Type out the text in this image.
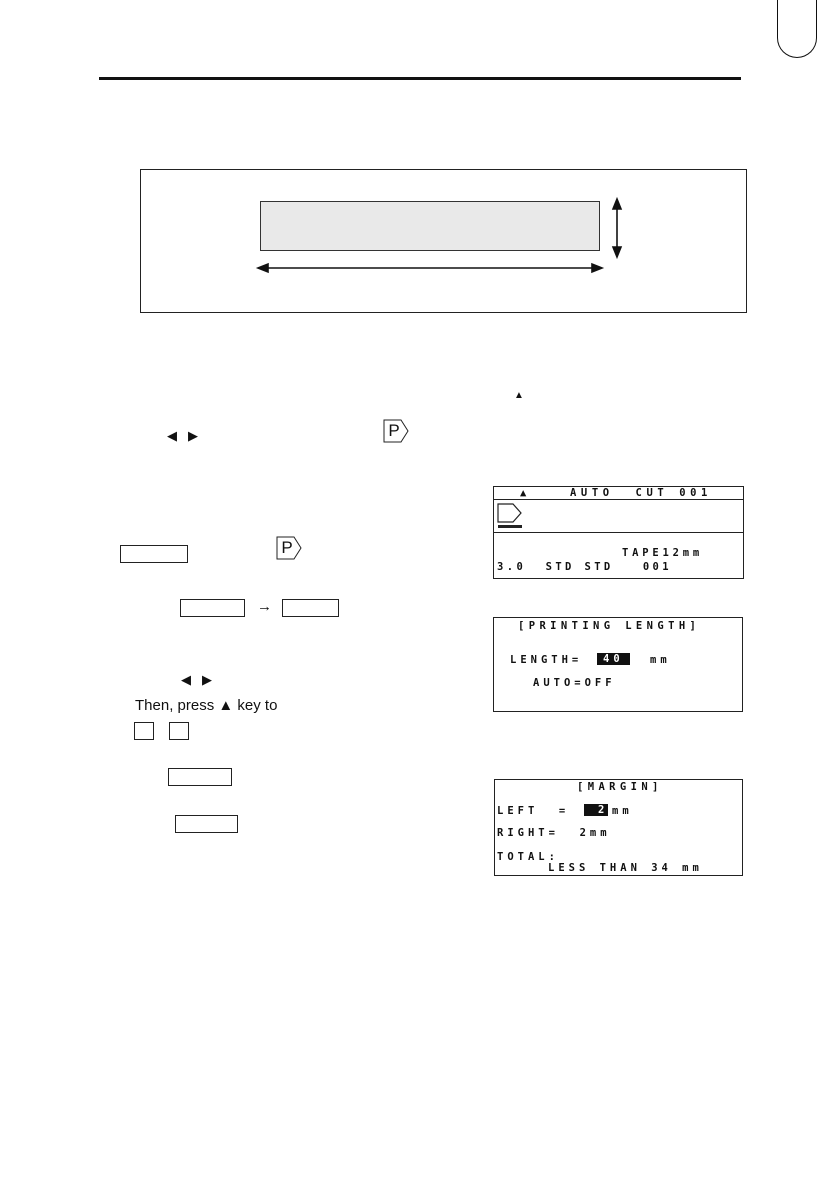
▲
◀ ▶	P
▲	AUTO  CUT 001
TAPE12mm
3.0  STD STD   001
P
→
[PRINTING LENGTH]
LENGTH=	40	mm
AUTO=OFF
◀ ▶
Then, press ▲ key to
[MARGIN]
LEFT  =	2 mm
RIGHT=  2mm
TOTAL:
LESS THAN 34 mm
